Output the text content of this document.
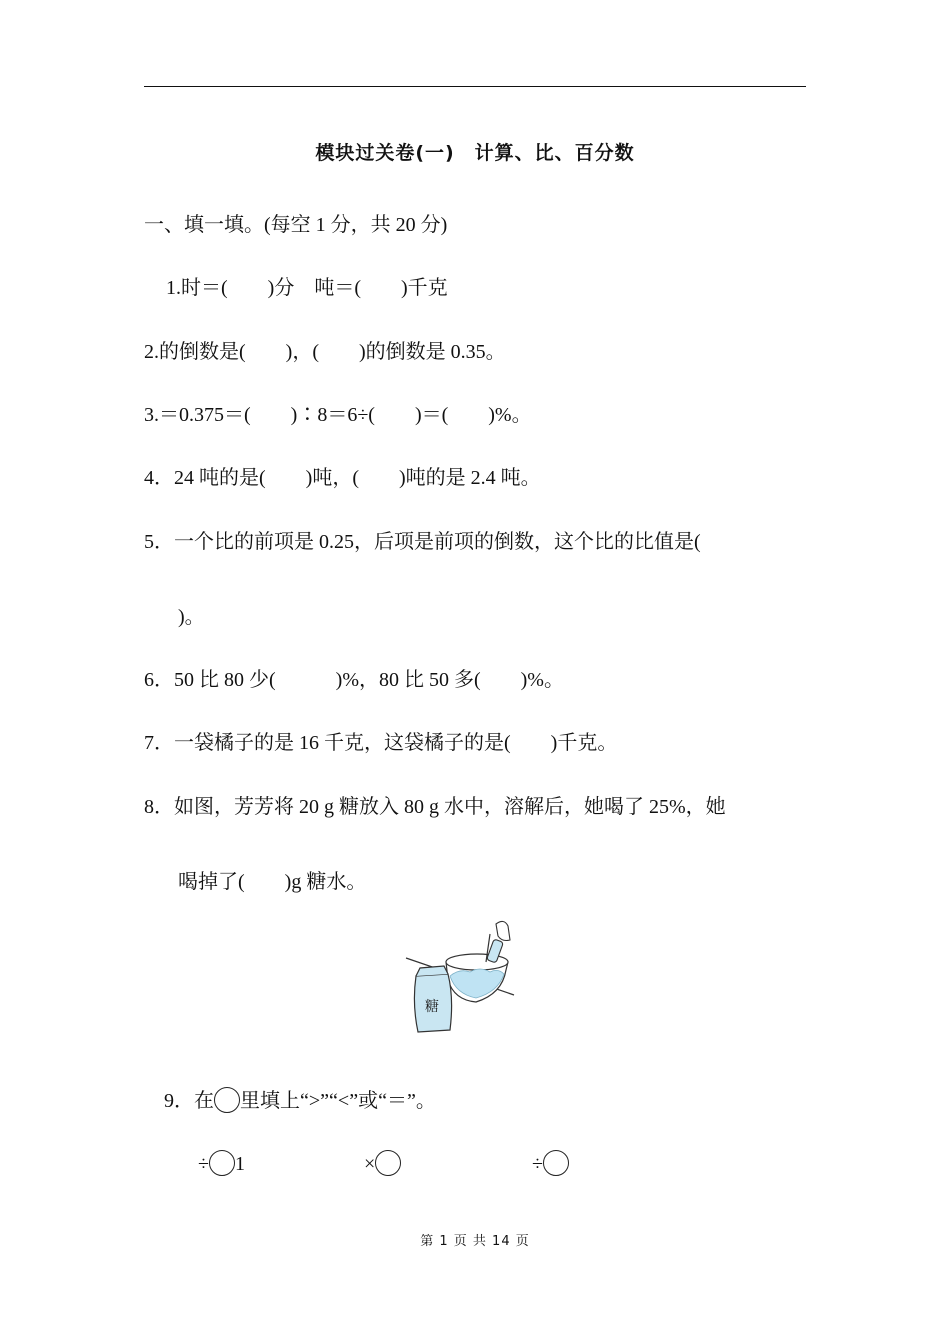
模块过关卷(一)　计算、比、百分数
一、填一填。(每空 1 分，共 20 分)
1.时＝(　　)分　吨＝(　　)千克
2.的倒数是(　　)，(　　)的倒数是 0.35。
3.＝0.375＝(　　)∶8＝6÷(　　)＝(　　)%。
4．24 吨的是(　　)吨，(　　)吨的是 2.4 吨。
5．一个比的前项是 0.25，后项是前项的倒数，这个比的比值是(
)。
6．50 比 80 少(　　　)%，80 比 50 多(　　)%。
7．一袋橘子的是 16 千克，这袋橘子的是(　　)千克。
8．如图，芳芳将 20 g 糖放入 80 g 水中，溶解后，她喝了 25%，她
喝掉了(　　)g 糖水。
糖

9．在 里填上“>”“<”或“＝”。

÷ 1
	×
	÷

第 1 页 共 14 页
